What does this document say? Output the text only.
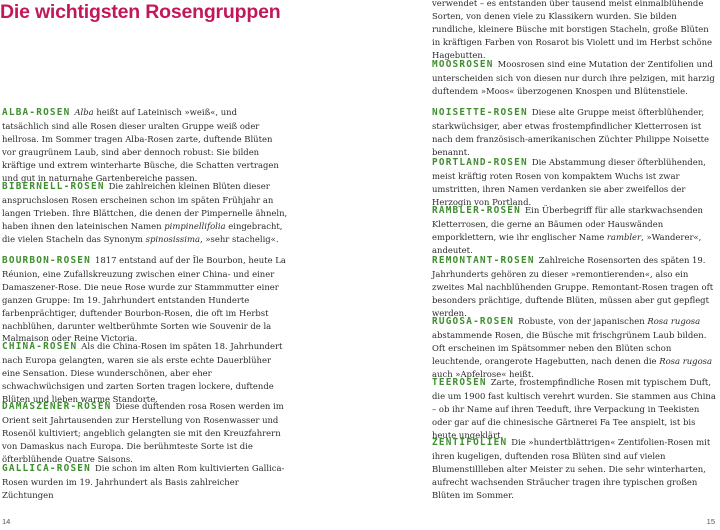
Die wichtigsten Rosengruppen

ALBA-ROSEN Alba heißt auf Lateinisch »weiß«, und tatsächlich sind alle Rosen dieser uralten Gruppe weiß oder hellrosa. Im Sommer tragen Alba-Rosen zarte, duftende Blüten vor graugrünem Laub, sind aber dennoch robust: Sie bilden kräftige und extrem winterharte Büsche, die Schatten vertragen und gut in naturnahe Gartenbereiche passen.

BIBERNELL-ROSEN Die zahlreichen kleinen Blüten dieser anspruchslosen Rosen erscheinen schon im späten Frühjahr an langen Trieben. Ihre Blättchen, die denen der Pimpernelle ähneln, haben ihnen den lateinischen Namen pimpinellifolia eingebracht, die vielen Stacheln das Synonym spinosissima, »sehr stachelig«.

BOURBON-ROSEN 1817 entstand auf der Île Bourbon, heute La Réunion, eine Zufallskreuzung zwischen einer China- und einer Damaszener-Rose. Die neue Rose wurde zur Stammmutter einer ganzen Gruppe: Im 19. Jahrhundert entstanden Hunderte farbenprächtiger, duftender Bourbon-Rosen, die oft im Herbst nachblühen, darunter weltberühmte Sorten wie Souvenir de la Malmaison oder Reine Victoria.

CHINA-ROSEN Als die China-Rosen im späten 18. Jahrhundert nach Europa gelangten, waren sie als erste echte Dauerblüher eine Sensation. Diese wunderschönen, aber eher schwachwüchsigen und zarten Sorten tragen lockere, duftende Blüten und lieben warme Standorte.

DAMASZENER-ROSEN Diese duftenden rosa Rosen werden im Orient seit Jahrtausenden zur Herstellung von Rosenwasser und Rosenöl kultiviert; angeblich gelangten sie mit den Kreuzfahrern von Damaskus nach Europa. Die berühmteste Sorte ist die öfterblühende Quatre Saisons.

GALLICA-ROSEN Die schon im alten Rom kultivierten Gallica-Rosen wurden im 19. Jahrhundert als Basis zahlreicher Züchtungen

14

verwendet – es entstanden über tausend meist einmalblühende Sorten, von denen viele zu Klassikern wurden. Sie bilden rundliche, kleinere Büsche mit borstigen Stacheln, große Blüten in kräftigen Farben von Rosarot bis Violett und im Herbst schöne Hagebutten.

MOOSROSEN Moosrosen sind eine Mutation der Zentifolien und unterscheiden sich von diesen nur durch ihre pelzigen, mit harzig duftendem »Moos« überzogenen Knospen und Blütenstiele.

NOISETTE-ROSEN Diese alte Gruppe meist öfterblühender, starkwüchsiger, aber etwas frostempfindlicher Kletterrosen ist nach dem französisch-amerikanischen Züchter Philippe Noisette benannt.

PORTLAND-ROSEN Die Abstammung dieser öfterblühenden, meist kräftig roten Rosen von kompaktem Wuchs ist zwar umstritten, ihren Namen verdanken sie aber zweifellos der Herzogin von Portland.

RAMBLER-ROSEN Ein Überbegriff für alle starkwachsenden Kletterrosen, die gerne an Bäumen oder Hauswänden emporklettern, wie ihr englischer Name rambler, »Wanderer«, andeutet.

REMONTANT-ROSEN Zahlreiche Rosensorten des späten 19. Jahrhunderts gehören zu dieser »remontierenden«, also ein zweites Mal nachblühenden Gruppe. Remontant-Rosen tragen oft besonders prächtige, duftende Blüten, müssen aber gut gepflegt werden.

RUGOSA-ROSEN Robuste, von der japanischen Rosa rugosa abstammende Rosen, die Büsche mit frischgrünem Laub bilden. Oft erscheinen im Spätsommer neben den Blüten schon leuchtende, orangerote Hagebutten, nach denen die Rosa rugosa auch »Apfelrose« heißt.

TEEROSEN Zarte, frostempfindliche Rosen mit typischem Duft, die um 1900 fast kultisch verehrt wurden. Sie stammen aus China – ob ihr Name auf ihren Teeduft, ihre Verpackung in Teekisten oder gar auf die chinesische Gärtnerei Fa Tee anspielt, ist bis heute ungeklärt.

ZENTIFOLIEN Die »hundertblättrigen« Zentifolien-Rosen mit ihren kugeligen, duftenden rosa Blüten sind auf vielen Blumenstillleben alter Meister zu sehen. Die sehr winterharten, aufrecht wachsenden Sträucher tragen ihre typischen großen Blüten im Sommer.

15
